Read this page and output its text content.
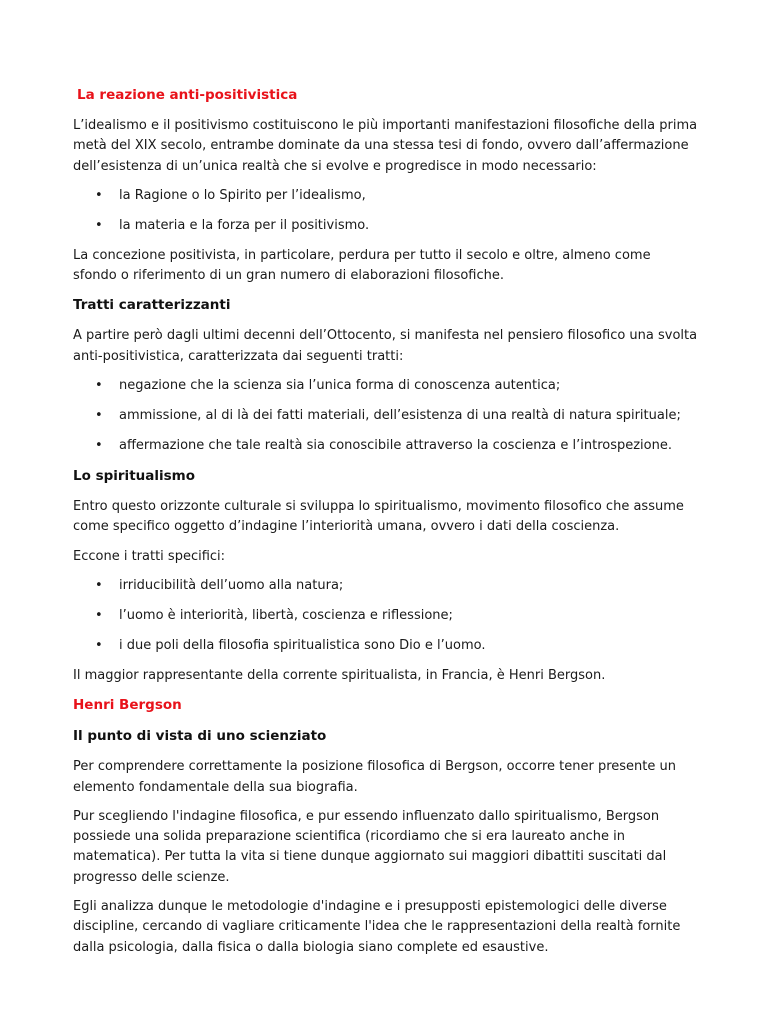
La reazione anti-positivistica

L’idealismo e il positivismo costituiscono le più importanti manifestazioni filosofiche della prima metà del XIX secolo, entrambe dominate da una stessa tesi di fondo, ovvero dall’affermazione dell’esistenza di un’unica realtà che si evolve e progredisce in modo necessario:

• la Ragione o lo Spirito per l’idealismo,
• la materia e la forza per il positivismo.

La concezione positivista, in particolare, perdura per tutto il secolo e oltre, almeno come sfondo o riferimento di un gran numero di elaborazioni filosofiche.

Tratti caratterizzanti

A partire però dagli ultimi decenni dell’Ottocento, si manifesta nel pensiero filosofico una svolta anti-positivistica, caratterizzata dai seguenti tratti:

• negazione che la scienza sia l’unica forma di conoscenza autentica;
• ammissione, al di là dei fatti materiali, dell’esistenza di una realtà di natura spirituale;
• affermazione che tale realtà sia conoscibile attraverso la coscienza e l’introspezione.
Lo spiritualismo

Entro questo orizzonte culturale si sviluppa lo spiritualismo, movimento filosofico che assume come specifico oggetto d’indagine l’interiorità umana, ovvero i dati della coscienza.

Eccone i tratti specifici:

• irriducibilità dell’uomo alla natura;
• l’uomo è interiorità, libertà, coscienza e riflessione;
• i due poli della filosofia spiritualistica sono Dio e l’uomo.

Il maggior rappresentante della corrente spiritualista, in Francia, è Henri Bergson.

Henri Bergson
Il punto di vista di uno scienziato

Per comprendere correttamente la posizione filosofica di Bergson, occorre tener presente un elemento fondamentale della sua biografia.

Pur scegliendo l'indagine filosofica, e pur essendo influenzato dallo spiritualismo, Bergson possiede una solida preparazione scientifica (ricordiamo che si era laureato anche in matematica). Per tutta la vita si tiene dunque aggiornato sui maggiori dibattiti suscitati dal progresso delle scienze.

Egli analizza dunque le metodologie d'indagine e i presupposti epistemologici delle diverse discipline, cercando di vagliare criticamente l'idea che le rappresentazioni della realtà fornite dalla psicologia, dalla fisica o dalla biologia siano complete ed esaustive.
